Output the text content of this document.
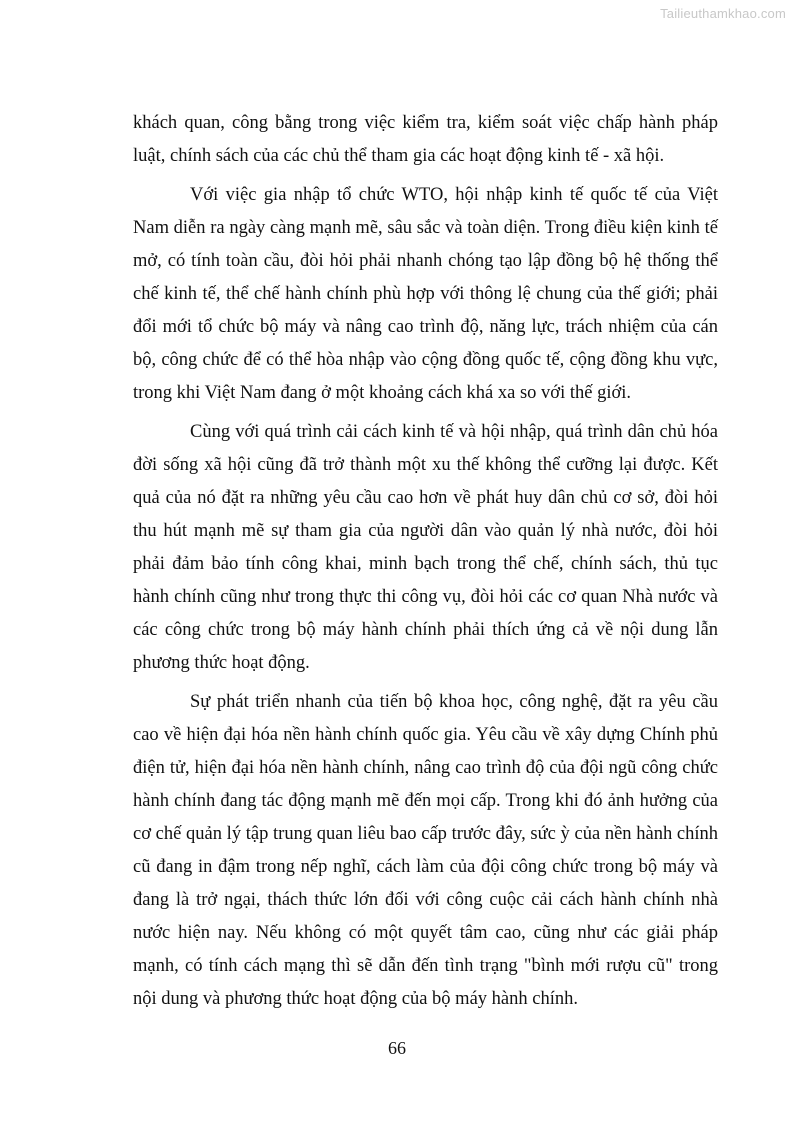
Tailieuthamkhao.com

khách quan, công bằng trong việc kiểm tra, kiểm soát việc chấp hành pháp luật, chính sách của các chủ thể tham gia các hoạt động kinh tế - xã hội.

Với việc gia nhập tổ chức WTO, hội nhập kinh tế quốc tế của Việt Nam diễn ra ngày càng mạnh mẽ, sâu sắc và toàn diện. Trong điều kiện kinh tế mở, có tính toàn cầu, đòi hỏi phải nhanh chóng tạo lập đồng bộ hệ thống thể chế kinh tế, thể chế hành chính phù hợp với thông lệ chung của thế giới; phải đổi mới tổ chức bộ máy và nâng cao trình độ, năng lực, trách nhiệm của cán bộ, công chức để có thể hòa nhập vào cộng đồng quốc tế, cộng đồng khu vực, trong khi Việt Nam đang ở một khoảng cách khá xa so với thế giới.

Cùng với quá trình cải cách kinh tế và hội nhập, quá trình dân chủ hóa đời sống xã hội cũng đã trở thành một xu thế không thể cưỡng lại được. Kết quả của nó đặt ra những yêu cầu cao hơn về phát huy dân chủ cơ sở, đòi hỏi thu hút mạnh mẽ sự tham gia của người dân vào quản lý nhà nước, đòi hỏi phải đảm bảo tính công khai, minh bạch trong thể chế, chính sách, thủ tục hành chính cũng như trong thực thi công vụ, đòi hỏi các cơ quan Nhà nước và các công chức trong bộ máy hành chính phải thích ứng cả về nội dung lẫn phương thức hoạt động.

Sự phát triển nhanh của tiến bộ khoa học, công nghệ, đặt ra yêu cầu cao về hiện đại hóa nền hành chính quốc gia. Yêu cầu về xây dựng Chính phủ điện tử, hiện đại hóa nền hành chính, nâng cao trình độ của đội ngũ công chức hành chính đang tác động mạnh mẽ đến mọi cấp. Trong khi đó ảnh hưởng của cơ chế quản lý tập trung quan liêu bao cấp trước đây, sức ỳ của nền hành chính cũ đang in đậm trong nếp nghĩ, cách làm của đội công chức trong bộ máy và đang là trở ngại, thách thức lớn đối với công cuộc cải cách hành chính nhà nước hiện nay. Nếu không có một quyết tâm cao, cũng như các giải pháp mạnh, có tính cách mạng thì sẽ dẫn đến tình trạng "bình mới rượu cũ" trong nội dung và phương thức hoạt động của bộ máy hành chính.

66
